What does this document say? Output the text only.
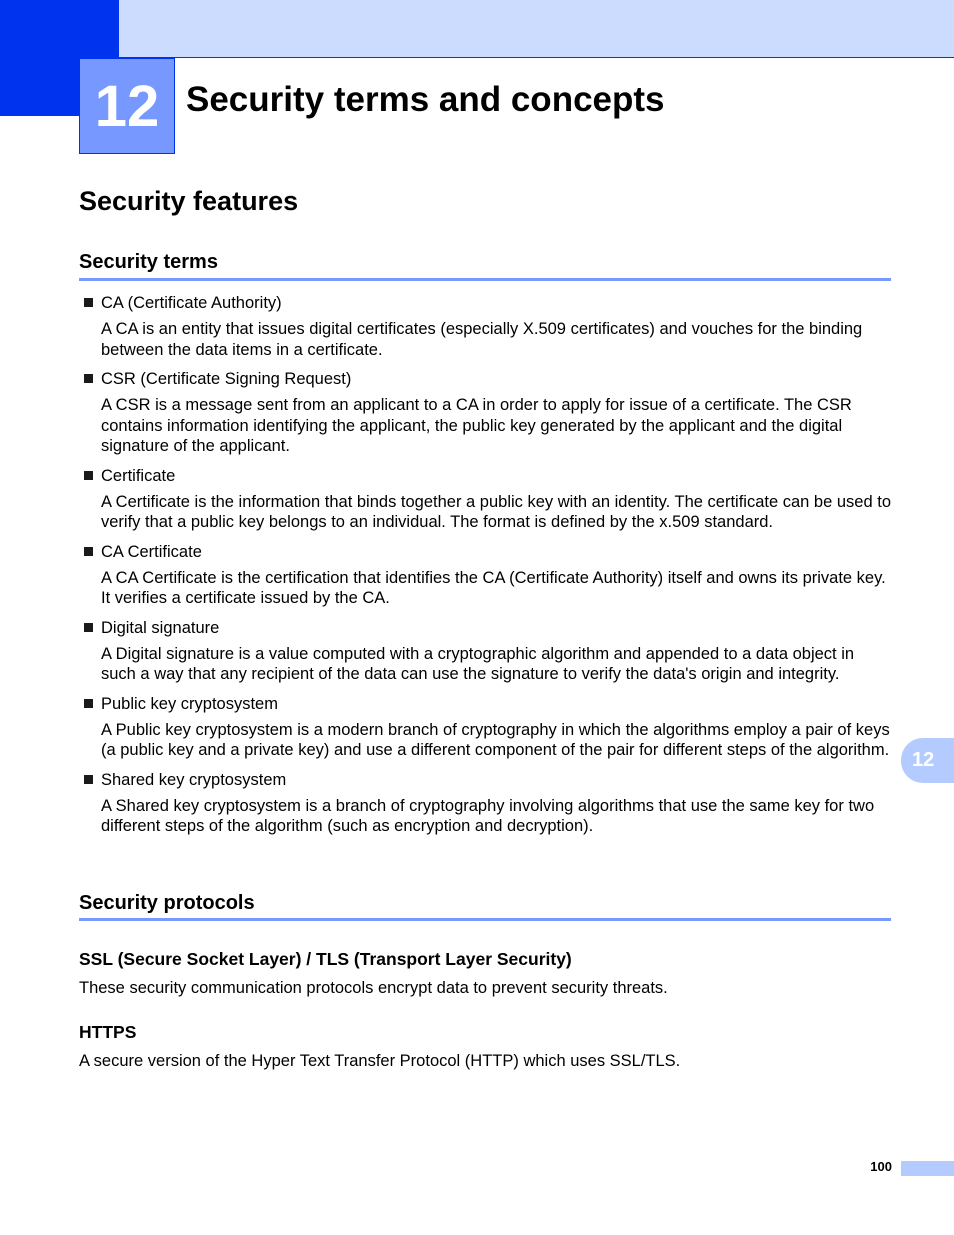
12 Security terms and concepts
Security features
Security terms
CA (Certificate Authority)
A CA is an entity that issues digital certificates (especially X.509 certificates) and vouches for the binding between the data items in a certificate.
CSR (Certificate Signing Request)
A CSR is a message sent from an applicant to a CA in order to apply for issue of a certificate. The CSR contains information identifying the applicant, the public key generated by the applicant and the digital signature of the applicant.
Certificate
A Certificate is the information that binds together a public key with an identity. The certificate can be used to verify that a public key belongs to an individual. The format is defined by the x.509 standard.
CA Certificate
A CA Certificate is the certification that identifies the CA (Certificate Authority) itself and owns its private key. It verifies a certificate issued by the CA.
Digital signature
A Digital signature is a value computed with a cryptographic algorithm and appended to a data object in such a way that any recipient of the data can use the signature to verify the data's origin and integrity.
Public key cryptosystem
A Public key cryptosystem is a modern branch of cryptography in which the algorithms employ a pair of keys (a public key and a private key) and use a different component of the pair for different steps of the algorithm.
Shared key cryptosystem
A Shared key cryptosystem is a branch of cryptography involving algorithms that use the same key for two different steps of the algorithm (such as encryption and decryption).
Security protocols
SSL (Secure Socket Layer) / TLS (Transport Layer Security)
These security communication protocols encrypt data to prevent security threats.
HTTPS
A secure version of the Hyper Text Transfer Protocol (HTTP) which uses SSL/TLS.
12
100
